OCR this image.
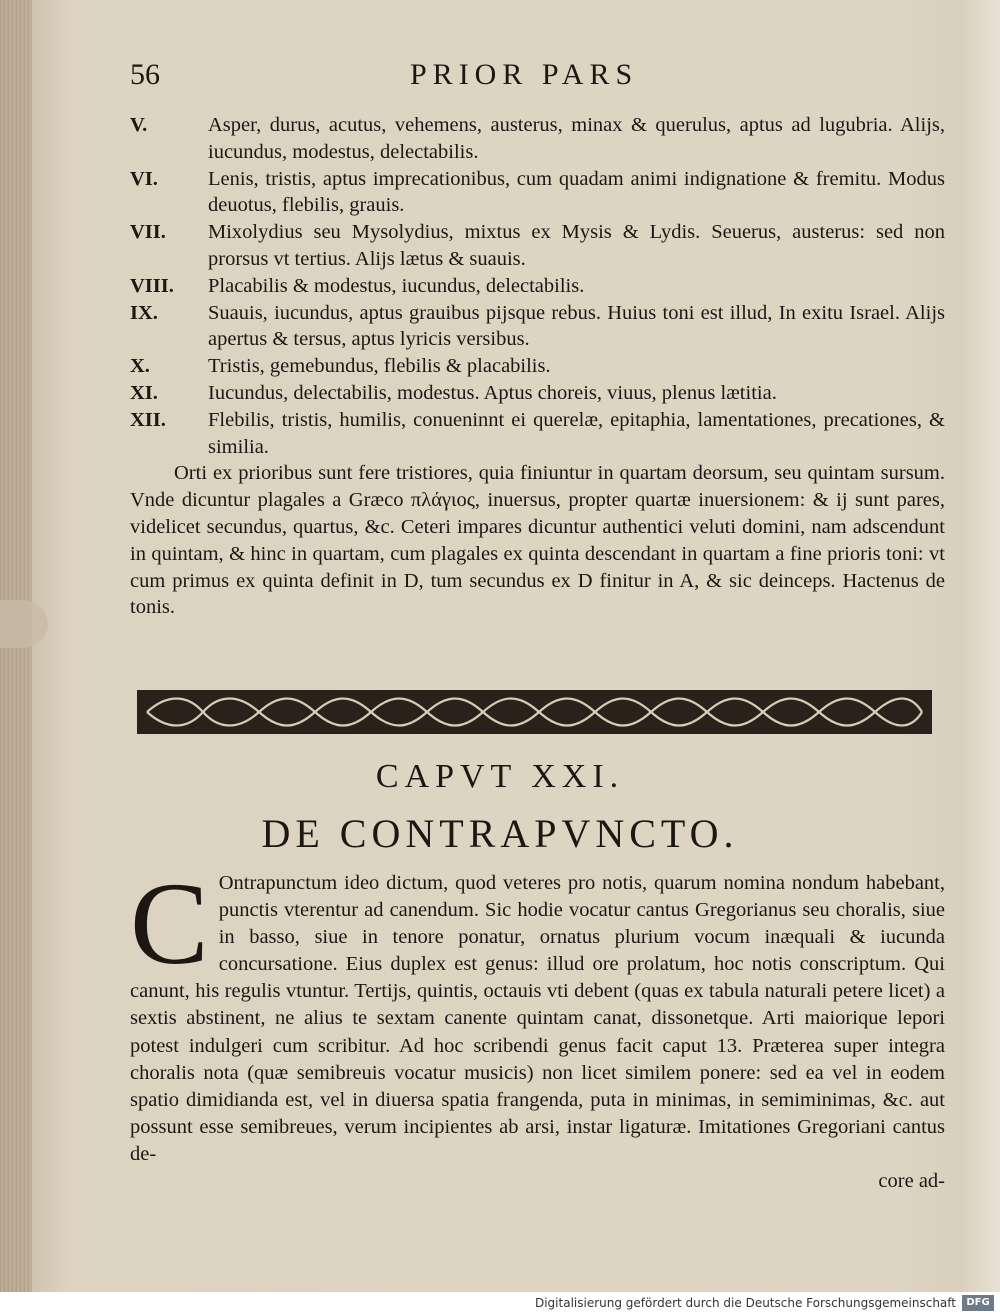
56	PRIOR PARS
V.	Asper, durus, acutus, vehemens, austerus, minax & querulus, aptus ad lugubria. Alijs, iucundus, modestus, delectabilis.
VI.	Lenis, tristis, aptus imprecationibus, cum quadam animi indignatione & fremitu. Modus deuotus, flebilis, grauis.
VII.	Mixolydius seu Mysolydius, mixtus ex Mysis & Lydis. Seuerus, austerus: sed non prorsus vt tertius. Alijs lætus & suauis.
VIII.	Placabilis & modestus, iucundus, delectabilis.
IX.	Suauis, iucundus, aptus grauibus pijsque rebus. Huius toni est illud, In exitu Israel. Alijs apertus & tersus, aptus lyricis versibus.
X.	Tristis, gemebundus, flebilis & placabilis.
XI.	Iucundus, delectabilis, modestus. Aptus choreis, viuus, plenus lætitia.
XII.	Flebilis, tristis, humilis, conueninnt ei querelæ, epitaphia, lamentationes, precationes, & similia.

Orti ex prioribus sunt fere tristiores, quia finiuntur in quartam deorsum, seu quintam sursum. Vnde dicuntur plagales a Græco πλάγιος, inuersus, propter quartæ inuersionem: & ij sunt pares, videlicet secundus, quartus, &c. Ceteri impares dicuntur authentici veluti domini, nam adscendunt in quintam, & hinc in quartam, cum plagales ex quinta descendant in quartam a fine prioris toni: vt cum primus ex quinta definit in D, tum secundus ex D finitur in A, & sic deinceps. Hactenus de tonis.

CAPVT XXI.
DE CONTRAPVNCTO.
C Ontrapunctum ideo dictum, quod veteres pro notis, quarum nomina nondum habebant, punctis vterentur ad canendum. Sic hodie vocatur cantus Gregorianus seu choralis, siue in basso, siue in tenore ponatur, ornatus plurium vocum inæquali & iucunda concursatione. Eius duplex est genus: illud ore prolatum, hoc notis conscriptum. Qui canunt, his regulis vtuntur. Tertijs, quintis, octauis vti debent (quas ex tabula naturali petere licet) a sextis abstinent, ne alius te sextam canente quintam canat, dissonetque. Arti maiorique lepori potest indulgeri cum scribitur. Ad hoc scribendi genus facit caput 13. Præterea super integra choralis nota (quæ semibreuis vocatur musicis) non licet similem ponere: sed ea vel in eodem spatio dimidianda est, vel in diuersa spatia frangenda, puta in minimas, in semiminimas, &c. aut possunt esse semibreues, verum incipientes ab arsi, instar ligaturæ. Imitationes Gregoriani cantus de-
core ad-
Digitalisierung gefördert durch die Deutsche Forschungsgemeinschaft	DFG
